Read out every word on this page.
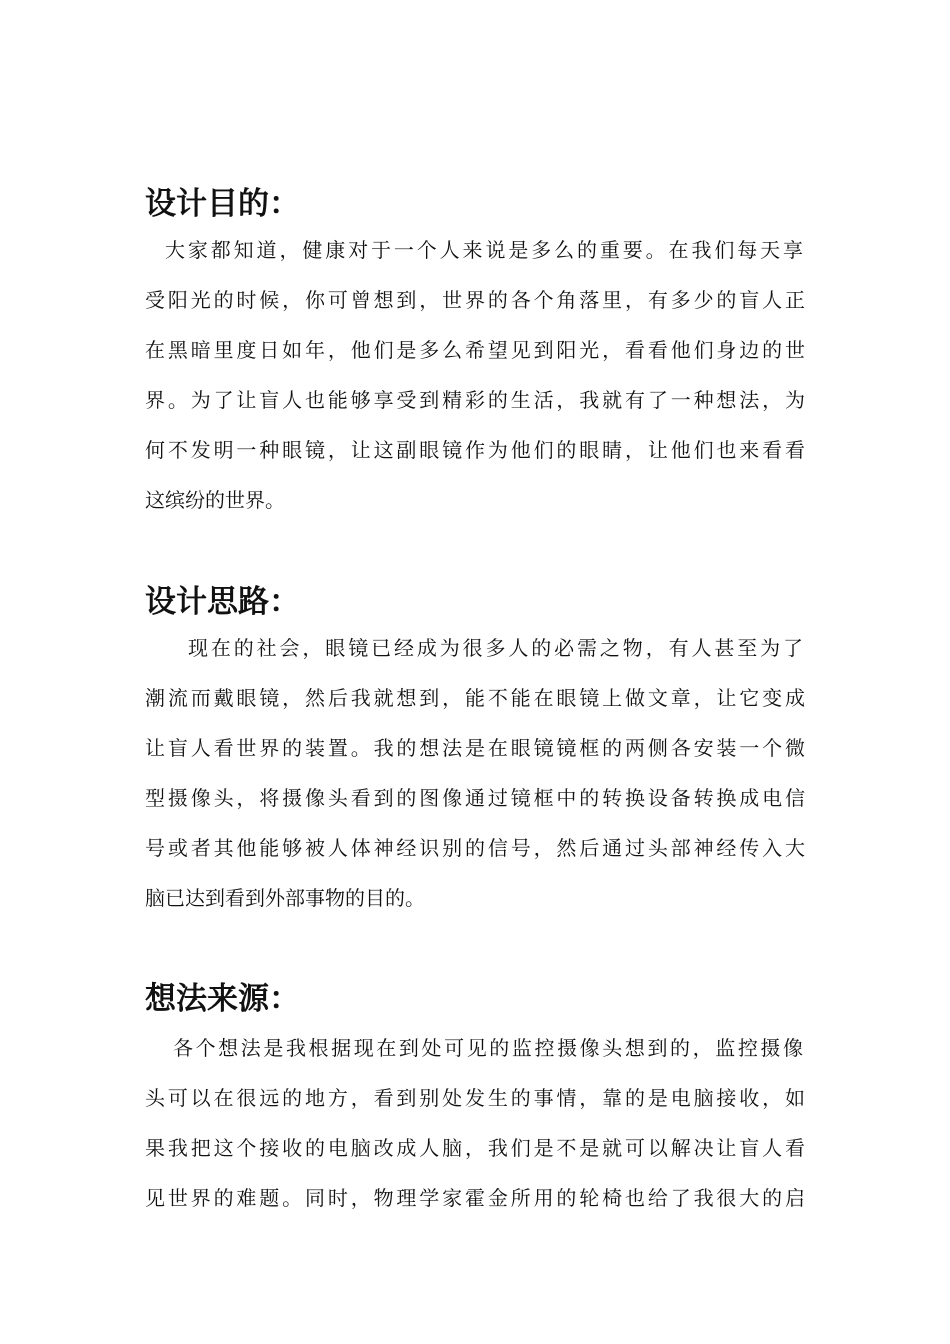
设计目的：
大家都知道，健康对于一个人来说是多么的重要。在我们每天享
受阳光的时候，你可曾想到，世界的各个角落里，有多少的盲人正
在黑暗里度日如年，他们是多么希望见到阳光，看看他们身边的世
界。为了让盲人也能够享受到精彩的生活，我就有了一种想法，为
何不发明一种眼镜，让这副眼镜作为他们的眼睛，让他们也来看看
这缤纷的世界。
设计思路：
现在的社会，眼镜已经成为很多人的必需之物，有人甚至为了
潮流而戴眼镜，然后我就想到，能不能在眼镜上做文章，让它变成
让盲人看世界的装置。我的想法是在眼镜镜框的两侧各安装一个微
型摄像头，将摄像头看到的图像通过镜框中的转换设备转换成电信
号或者其他能够被人体神经识别的信号，然后通过头部神经传入大
脑已达到看到外部事物的目的。
想法来源：
各个想法是我根据现在到处可见的监控摄像头想到的，监控摄像
头可以在很远的地方，看到别处发生的事情，靠的是电脑接收，如
果我把这个接收的电脑改成人脑，我们是不是就可以解决让盲人看
见世界的难题。同时，物理学家霍金所用的轮椅也给了我很大的启
